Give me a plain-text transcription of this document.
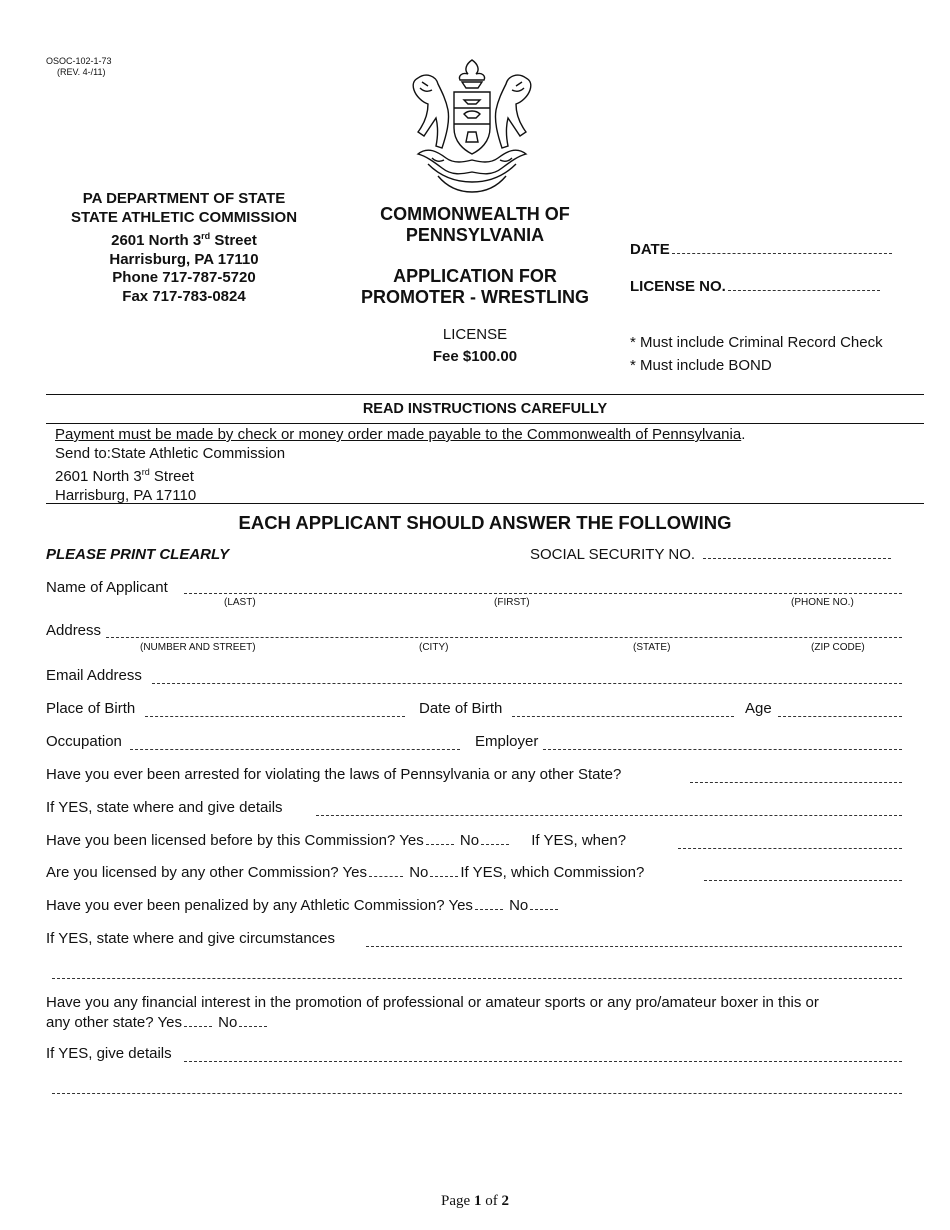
OSOC-102-1-73
(REV. 4-/11)
PA DEPARTMENT OF STATE
STATE ATHLETIC COMMISSION
2601 North 3rd Street
Harrisburg, PA 17110
Phone 717-787-5720
Fax 717-783-0824
COMMONWEALTH OF
PENNSYLVANIA
APPLICATION FOR
PROMOTER - WRESTLING
LICENSE
Fee $100.00
DATE
LICENSE NO.
* Must include Criminal Record Check
* Must include BOND
READ INSTRUCTIONS CAREFULLY
Payment must be made by check or money order made payable to the Commonwealth of Pennsylvania.
Send to:State Athletic Commission
2601 North 3rd Street
Harrisburg, PA 17110
EACH APPLICANT SHOULD ANSWER THE FOLLOWING
PLEASE PRINT CLEARLY	SOCIAL SECURITY NO.
Name of Applicant
(LAST)	(FIRST)	(PHONE NO.)
Address
(NUMBER AND STREET)	(CITY)	(STATE)	(ZIP CODE)
Email Address
Place of Birth	Date of Birth	Age
Occupation	Employer
Have you ever been arrested for violating the laws of Pennsylvania or any other State?
If YES, state where and give details
Have you been licensed before by this Commission? Yes No	If YES, when?
Are you licensed by any other Commission? Yes	No If YES, which Commission?
Have you ever been penalized by any Athletic Commission? Yes No
If YES, state where and give circumstances
Have you any financial interest in the promotion of professional or amateur sports or any pro/amateur boxer in this or
any other state? Yes No
If YES, give details
Page 1 of 2
